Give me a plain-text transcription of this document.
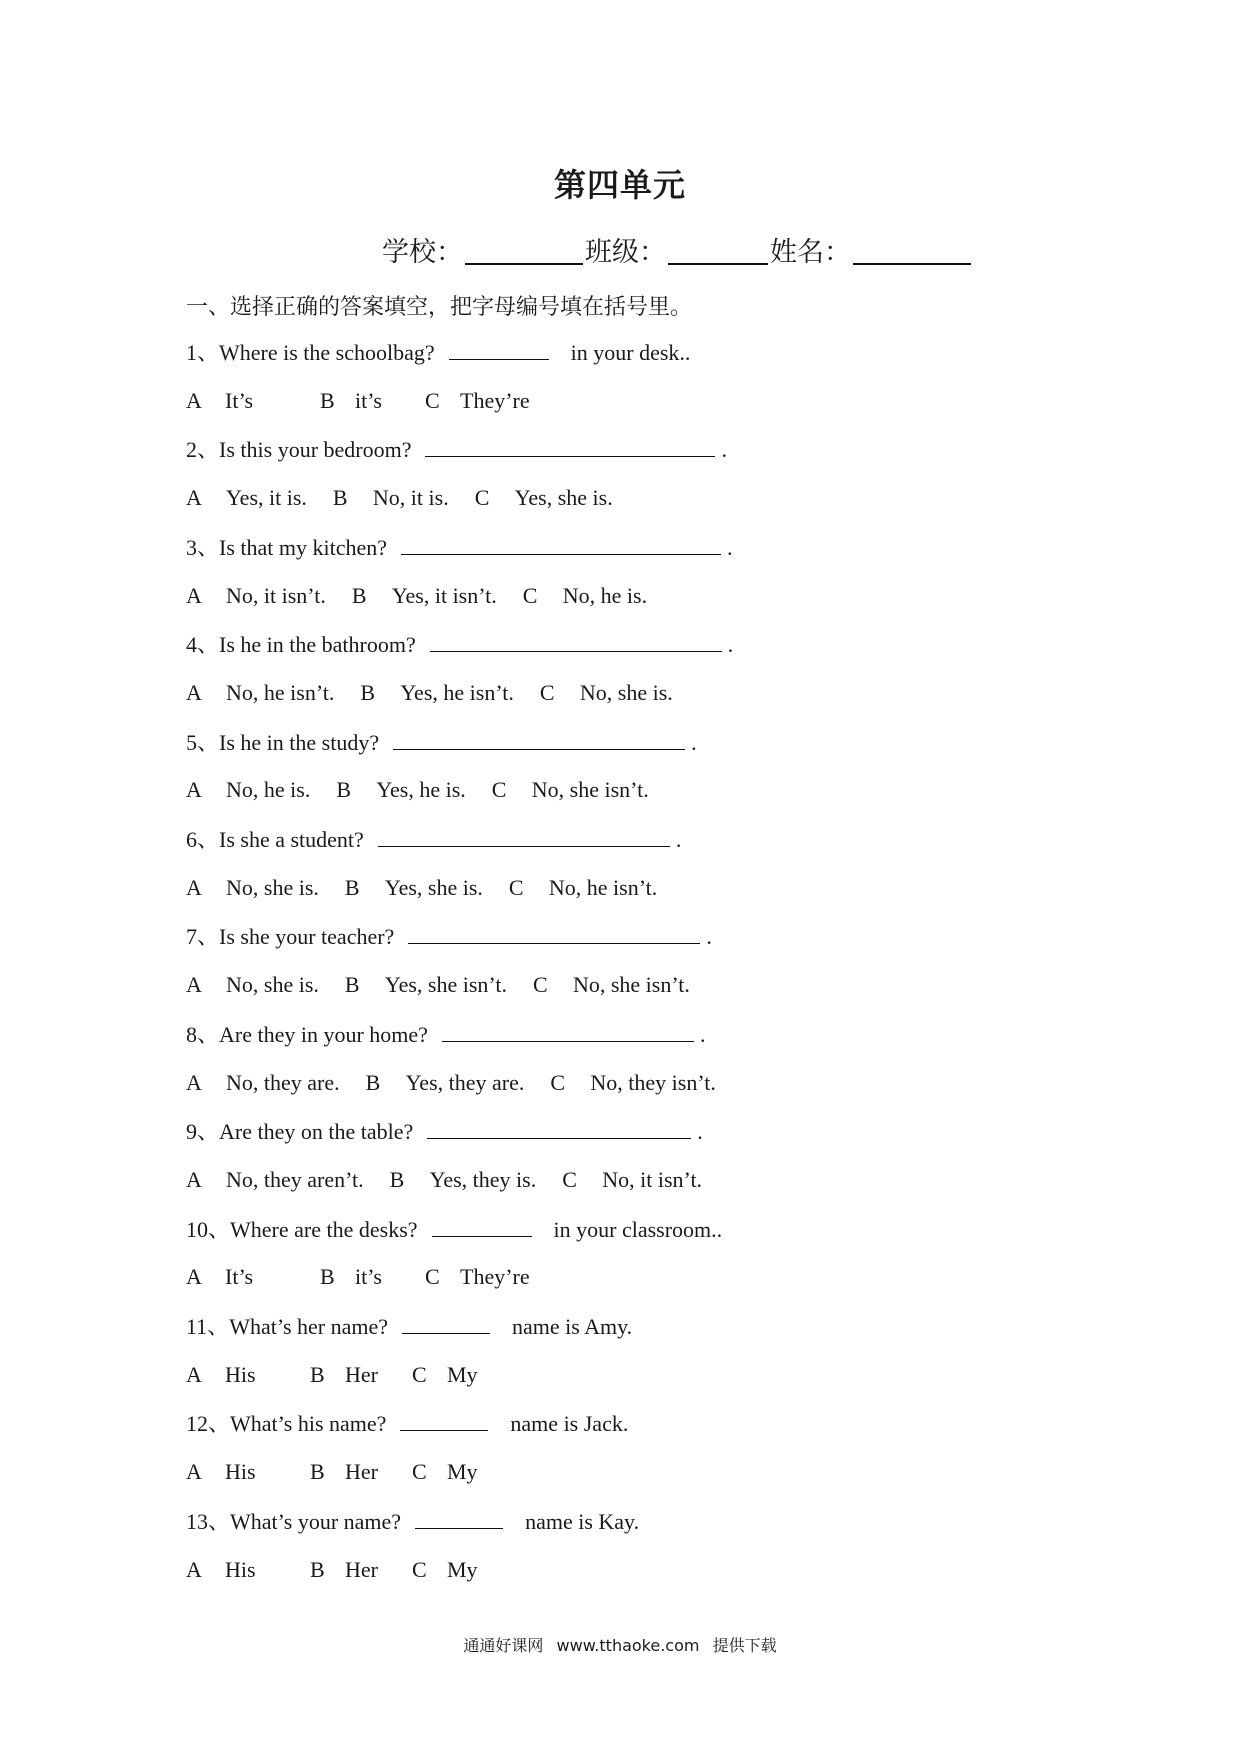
第四单元
学校：	班级：	姓名：
一、选择正确的答案填空，把字母编号填在括号里。
1、Where is the schoolbag?	in your desk..
A It’s	B it’s C They’re
2、Is this your bedroom?	.
A Yes, it is. B No, it is. C Yes, she is.
3、Is that my kitchen?	.
A No, it isn’t. B Yes, it isn’t. C No, he is.
4、Is he in the bathroom?	.
A No, he isn’t. B Yes, he isn’t. C No, she is.
5、Is he in the study?	.
A No, he is. B Yes, he is. C No, she isn’t.
6、Is she a student?	.
A No, she is. B Yes, she is. C No, he isn’t.
7、Is she your teacher?	.
A No, she is. B Yes, she isn’t. C No, she isn’t.
8、Are they in your home?	.
A No, they are. B Yes, they are. C No, they isn’t.
9、Are they on the table?	.
A No, they aren’t. B Yes, they is. C No, it isn’t.
10、Where are the desks?	in your classroom..
A It’s	B it’s C They’re
11、What’s her name?	name is Amy.
A His B Her C My
12、What’s his name?	name is Jack.
A His B Her C My
13、What’s your name?	name is Kay.
A His B Her C My
通通好课网 www.tthaoke.com 提供下载
